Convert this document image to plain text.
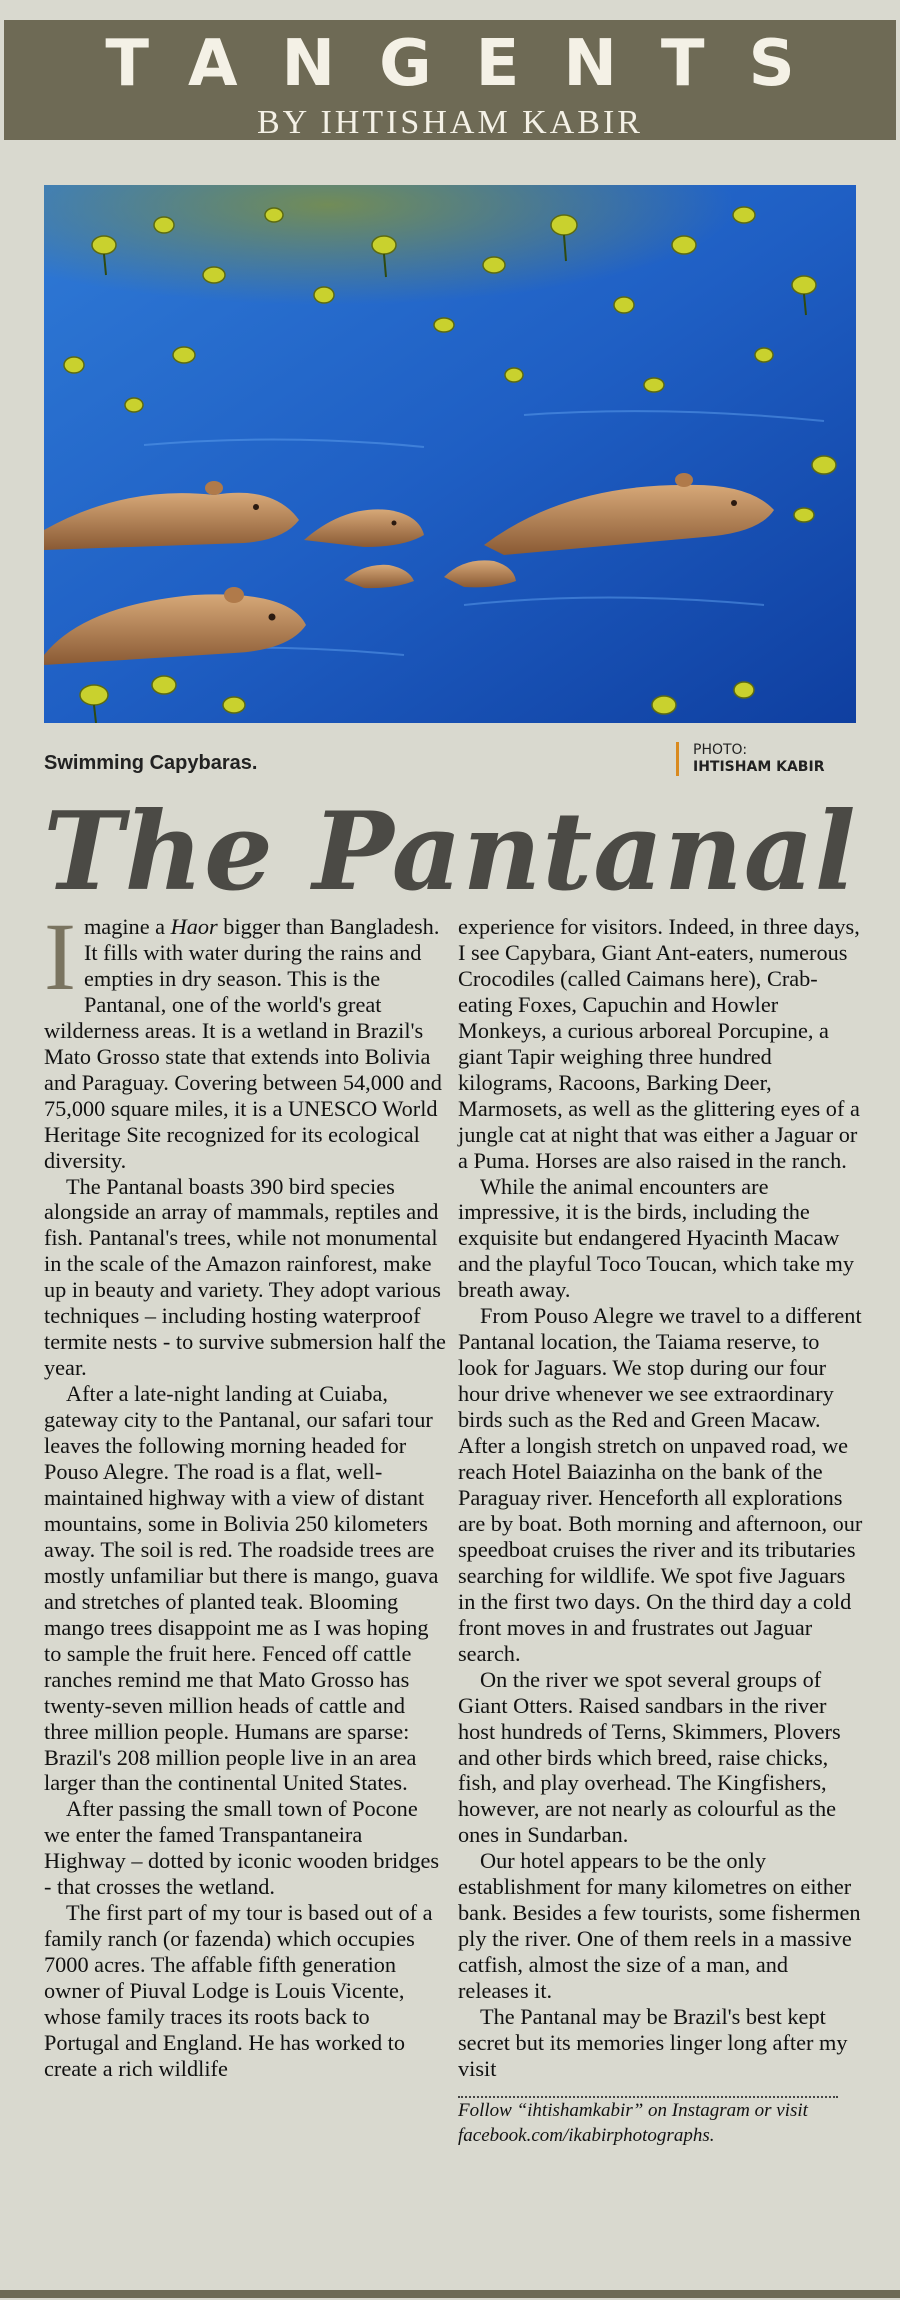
TANGENTS
BY IHTISHAM KABIR
Swimming Capybaras.
PHOTO:
IHTISHAM KABIR
The Pantanal

Imagine a Haor bigger than Bangladesh. It fills with water during the rains and empties in dry season. This is the Pantanal, one of the world's great wilderness areas. It is a wetland in Brazil's Mato Grosso state that extends into Bolivia and Paraguay. Covering between 54,000 and 75,000 square miles, it is a UNESCO World Heritage Site recognized for its ecological diversity.

The Pantanal boasts 390 bird species alongside an array of mammals, reptiles and fish. Pantanal's trees, while not monumental in the scale of the Amazon rainforest, make up in beauty and variety. They adopt various techniques – including hosting waterproof termite nests - to survive submersion half the year.

After a late-night landing at Cuiaba, gateway city to the Pantanal, our safari tour leaves the following morning headed for Pouso Alegre. The road is a flat, well-maintained highway with a view of distant mountains, some in Bolivia 250 kilometers away. The soil is red. The roadside trees are mostly unfamiliar but there is mango, guava and stretches of planted teak. Blooming mango trees disappoint me as I was hoping to sample the fruit here. Fenced off cattle ranches remind me that Mato Grosso has twenty-seven million heads of cattle and three million people. Humans are sparse: Brazil's 208 million people live in an area larger than the continental United States.

After passing the small town of Pocone we enter the famed Transpantaneira Highway – dotted by iconic wooden bridges - that crosses the wetland.

The first part of my tour is based out of a family ranch (or fazenda) which occupies 7000 acres. The affable fifth generation owner of Piuval Lodge is Louis Vicente, whose family traces its roots back to Portugal and England. He has worked to create a rich wildlife

experience for visitors. Indeed, in three days, I see Capybara, Giant Ant-eaters, numerous Crocodiles (called Caimans here), Crab-eating Foxes, Capuchin and Howler Monkeys, a curious arboreal Porcupine, a giant Tapir weighing three hundred kilograms, Racoons, Barking Deer, Marmosets, as well as the glittering eyes of a jungle cat at night that was either a Jaguar or a Puma. Horses are also raised in the ranch.

While the animal encounters are impressive, it is the birds, including the exquisite but endangered Hyacinth Macaw and the playful Toco Toucan, which take my breath away.

From Pouso Alegre we travel to a different Pantanal location, the Taiama reserve, to look for Jaguars. We stop during our four hour drive whenever we see extraordinary birds such as the Red and Green Macaw. After a longish stretch on unpaved road, we reach Hotel Baiazinha on the bank of the Paraguay river. Henceforth all explorations are by boat. Both morning and afternoon, our speedboat cruises the river and its tributaries searching for wildlife. We spot five Jaguars in the first two days. On the third day a cold front moves in and frustrates out Jaguar search.

On the river we spot several groups of Giant Otters. Raised sandbars in the river host hundreds of Terns, Skimmers, Plovers and other birds which breed, raise chicks, fish, and play overhead. The Kingfishers, however, are not nearly as colourful as the ones in Sundarban.

Our hotel appears to be the only establishment for many kilometres on either bank. Besides a few tourists, some fishermen ply the river. One of them reels in a massive catfish, almost the size of a man, and releases it.

The Pantanal may be Brazil's best kept secret but its memories linger long after my visit

Follow “ihtishamkabir” on Instagram or visit facebook.com/ikabirphotographs.
